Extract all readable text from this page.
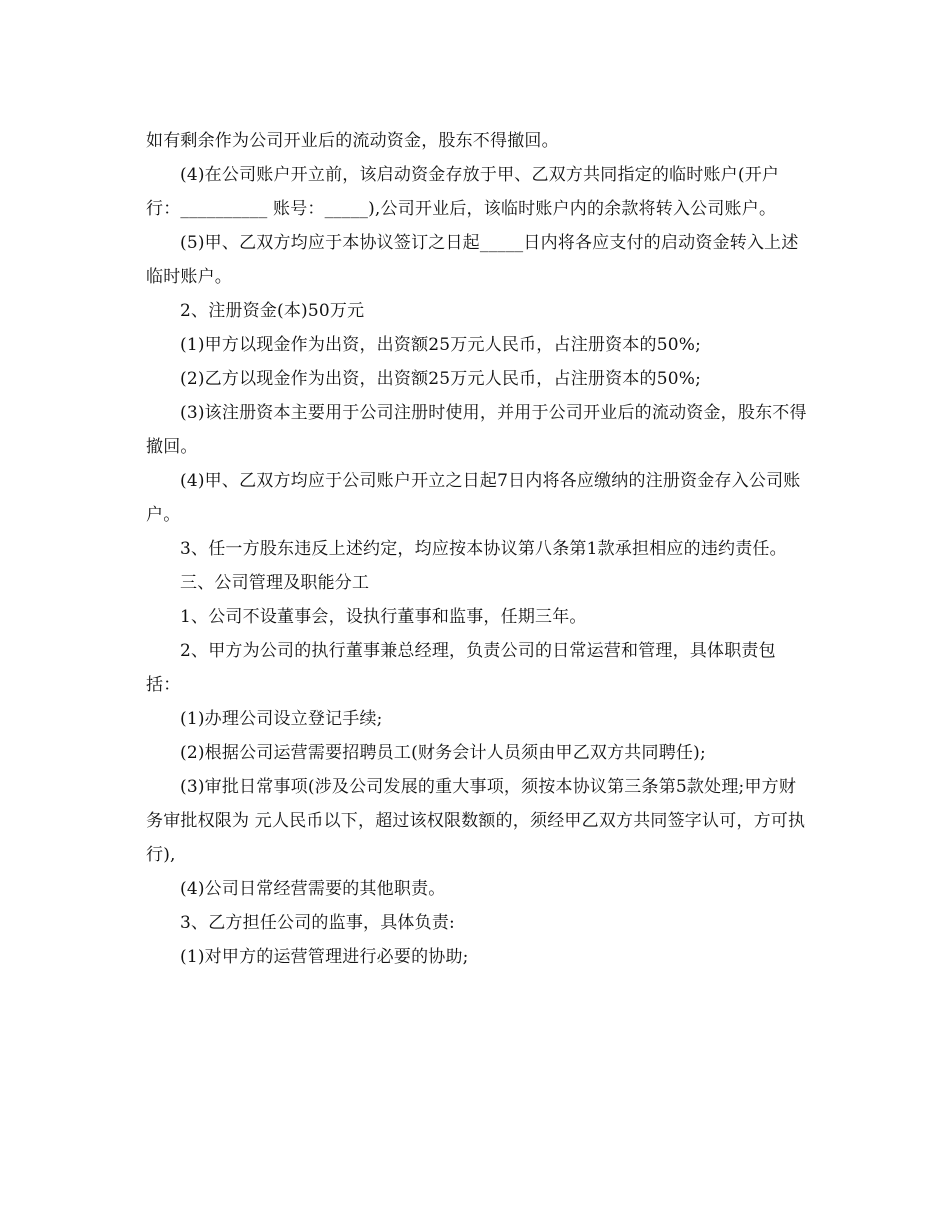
如有剩余作为公司开业后的流动资金，股东不得撤回。

(4)在公司账户开立前，该启动资金存放于甲、乙双方共同指定的临时账户(开户行：__________ 账号：_____),公司开业后，该临时账户内的余款将转入公司账户。

(5)甲、乙双方均应于本协议签订之日起_____日内将各应支付的启动资金转入上述临时账户。

2、注册资金(本)50万元

(1)甲方以现金作为出资，出资额25万元人民币，占注册资本的50%;

(2)乙方以现金作为出资，出资额25万元人民币，占注册资本的50%;

(3)该注册资本主要用于公司注册时使用，并用于公司开业后的流动资金，股东不得撤回。

(4)甲、乙双方均应于公司账户开立之日起7日内将各应缴纳的注册资金存入公司账户。

3、任一方股东违反上述约定，均应按本协议第八条第1款承担相应的违约责任。

三、公司管理及职能分工

1、公司不设董事会，设执行董事和监事，任期三年。

2、甲方为公司的执行董事兼总经理，负责公司的日常运营和管理，具体职责包括：

(1)办理公司设立登记手续;

(2)根据公司运营需要招聘员工(财务会计人员须由甲乙双方共同聘任);

(3)审批日常事项(涉及公司发展的重大事项，须按本协议第三条第5款处理;甲方财务审批权限为 元人民币以下，超过该权限数额的，须经甲乙双方共同签字认可，方可执行),

(4)公司日常经营需要的其他职责。

3、乙方担任公司的监事，具体负责:

(1)对甲方的运营管理进行必要的协助;
